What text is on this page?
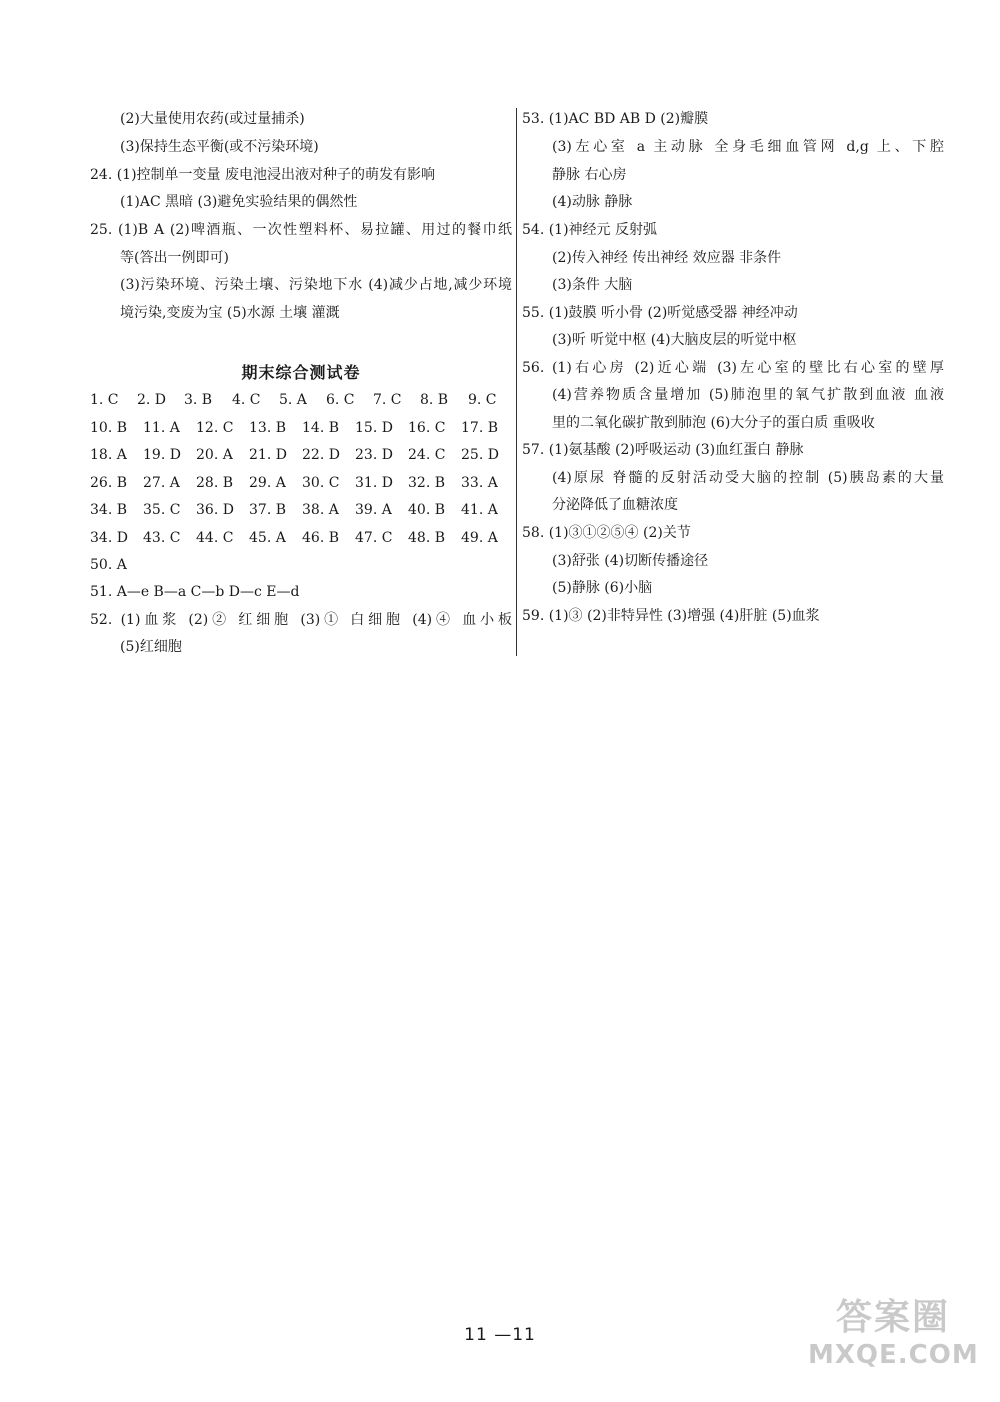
(2)大量使用农药(或过量捕杀)
(3)保持生态平衡(或不污染环境)
24. (1)控制单一变量 废电池浸出液对种子的萌发有影响
(1)AC 黑暗 (3)避免实验结果的偶然性
25. (1)B A (2)啤酒瓶、一次性塑料杯、易拉罐、用过的餐巾纸
等(答出一例即可)
(3)污染环境、污染土壤、污染地下水 (4)减少占地,减少环境
境污染,变废为宝 (5)水源 土壤 灌溉
期末综合测试卷
1. C 2. D 3. B 4. C 5. A 6. C 7. C 8. B 9. C
10. B 11. A 12. C 13. B 14. B 15. D 16. C 17. B
18. A 19. D 20. A 21. D 22. D 23. D 24. C 25. D
26. B 27. A 28. B 29. A 30. C 31. D 32. B 33. A
34. B 35. C 36. D 37. B 38. A 39. A 40. B 41. A
34. D 43. C 44. C 45. A 46. B 47. C 48. B 49. A
50. A
51. A—e B—a C—b D—c E—d
52. (1)血浆 (2)② 红细胞 (3)① 白细胞 (4)④ 血小板
(5)红细胞
53. (1)AC BD AB D (2)瓣膜
(3)左心室 a 主动脉 全身毛细血管网 d,g 上、下腔
静脉 右心房
(4)动脉 静脉
54. (1)神经元 反射弧
(2)传入神经 传出神经 效应器 非条件
(3)条件 大脑
55. (1)鼓膜 听小骨 (2)听觉感受器 神经冲动
(3)听 听觉中枢 (4)大脑皮层的听觉中枢
56. (1)右心房 (2)近心端 (3)左心室的壁比右心室的壁厚
(4)营养物质含量增加 (5)肺泡里的氧气扩散到血液 血液
里的二氧化碳扩散到肺泡 (6)大分子的蛋白质 重吸收
57. (1)氨基酸 (2)呼吸运动 (3)血红蛋白 静脉
(4)原尿 脊髓的反射活动受大脑的控制 (5)胰岛素的大量
分泌降低了血糖浓度
58. (1)③①②⑤④ (2)关节
(3)舒张 (4)切断传播途径
(5)静脉 (6)小脑
59. (1)③ (2)非特异性 (3)增强 (4)肝脏 (5)血浆
11 —11	答案圈
MXQE.COM
